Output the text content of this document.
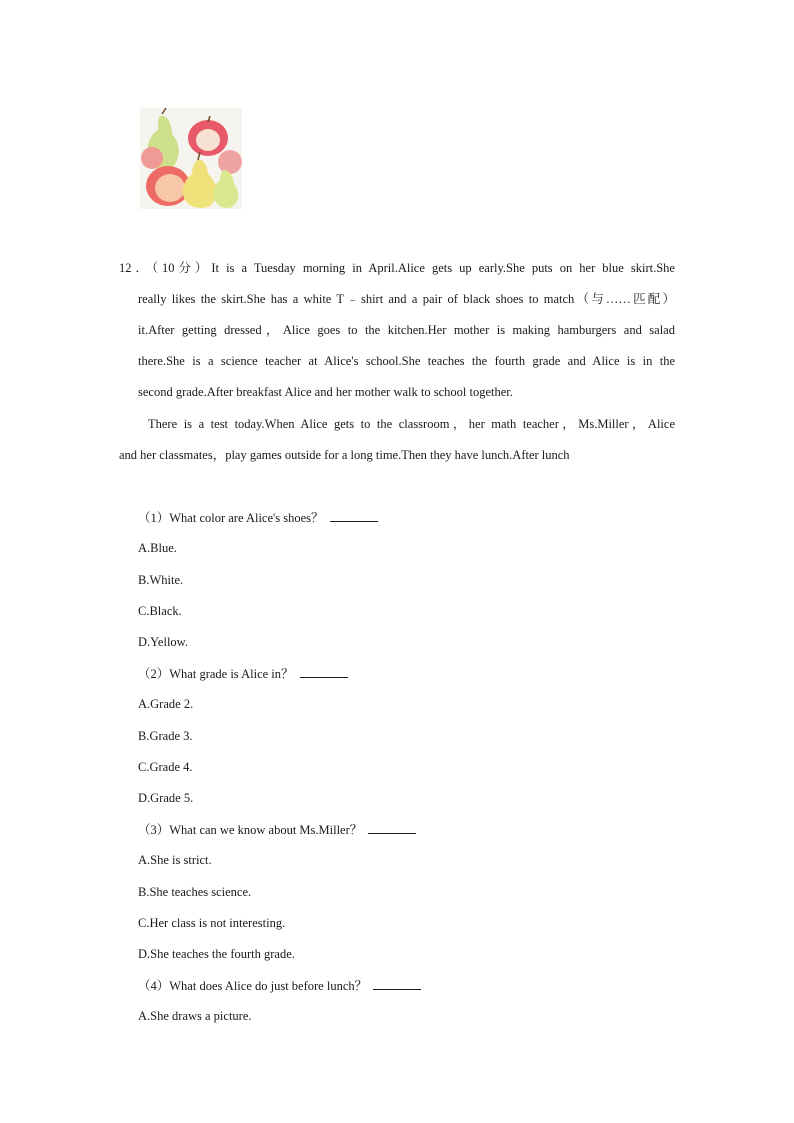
12．（10分）It is a Tuesday morning in April.Alice gets up early.She puts on her blue skirt.She
really likes the skirt.She has a white T﹣shirt and a pair of black shoes to match（与……匹配）
it.After getting dressed，Alice goes to the kitchen.Her mother is making hamburgers and salad
there.She is a science teacher at Alice's school.She teaches the fourth grade and Alice is in the
second grade.After breakfast Alice and her mother walk to school together.
There is a test today.When Alice gets to the classroom，her math teacher，Ms.Miller，Alice
and her classmates，play games outside for a long time.Then they have lunch.After lunch
（1）What color are Alice's shoes？
A.Blue.
B.White.
C.Black.
D.Yellow.
（2）What grade is Alice in？
A.Grade 2.
B.Grade 3.
C.Grade 4.
D.Grade 5.
（3）What can we know about Ms.Miller？
A.She is strict.
B.She teaches science.
C.Her class is not interesting.
D.She teaches the fourth grade.
（4）What does Alice do just before lunch？
A.She draws a picture.
